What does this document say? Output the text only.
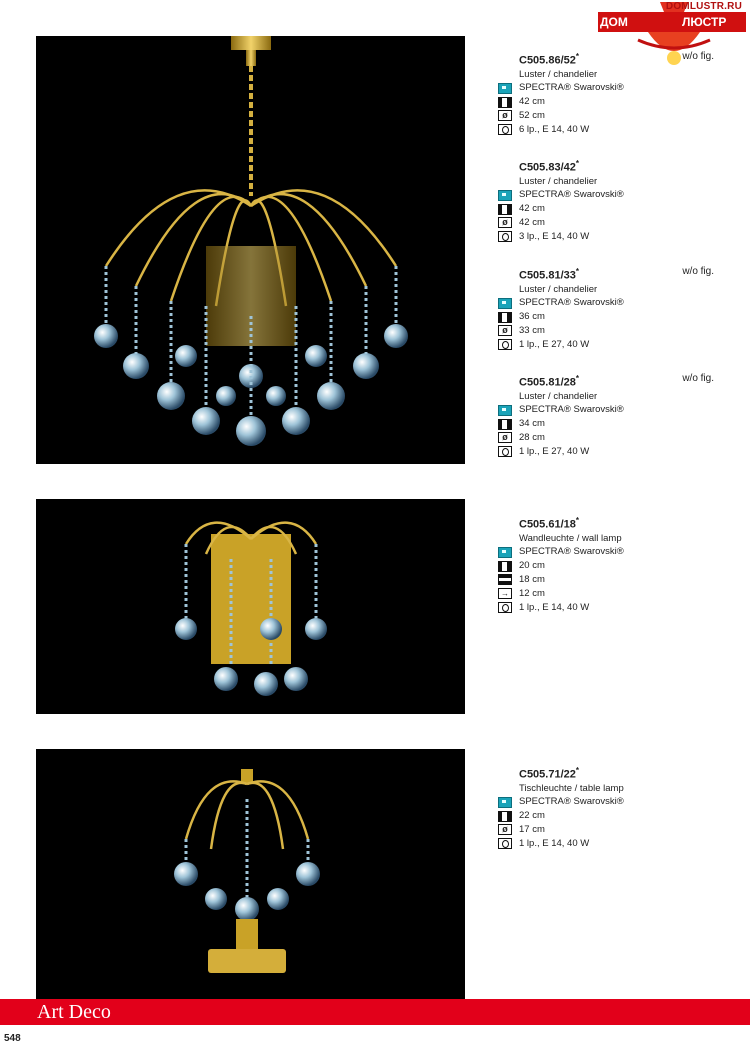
DOMLUSTR.RU
ДОМ	ЛЮСТР
C505.86/52*	w/o fig.
Luster / chandelier
SPECTRA® Swarovski®
42 cm
ø	52 cm
6 lp., E 14, 40 W
C505.83/42*
Luster / chandelier
SPECTRA® Swarovski®
42 cm
ø	42 cm
3 lp., E 14, 40 W
C505.81/33*	w/o fig.
Luster / chandelier
SPECTRA® Swarovski®
36 cm
ø	33 cm
1 lp., E 27, 40 W
C505.81/28*	w/o fig.
Luster / chandelier
SPECTRA® Swarovski®
34 cm
ø	28 cm
1 lp., E 27, 40 W
C505.61/18*
Wandleuchte / wall lamp
SPECTRA® Swarovski®
20 cm
18 cm
→	12 cm
1 lp., E 14, 40 W
C505.71/22*
Tischleuchte / table lamp
SPECTRA® Swarovski®
22 cm
ø	17 cm
1 lp., E 14, 40 W
Art Deco
548
